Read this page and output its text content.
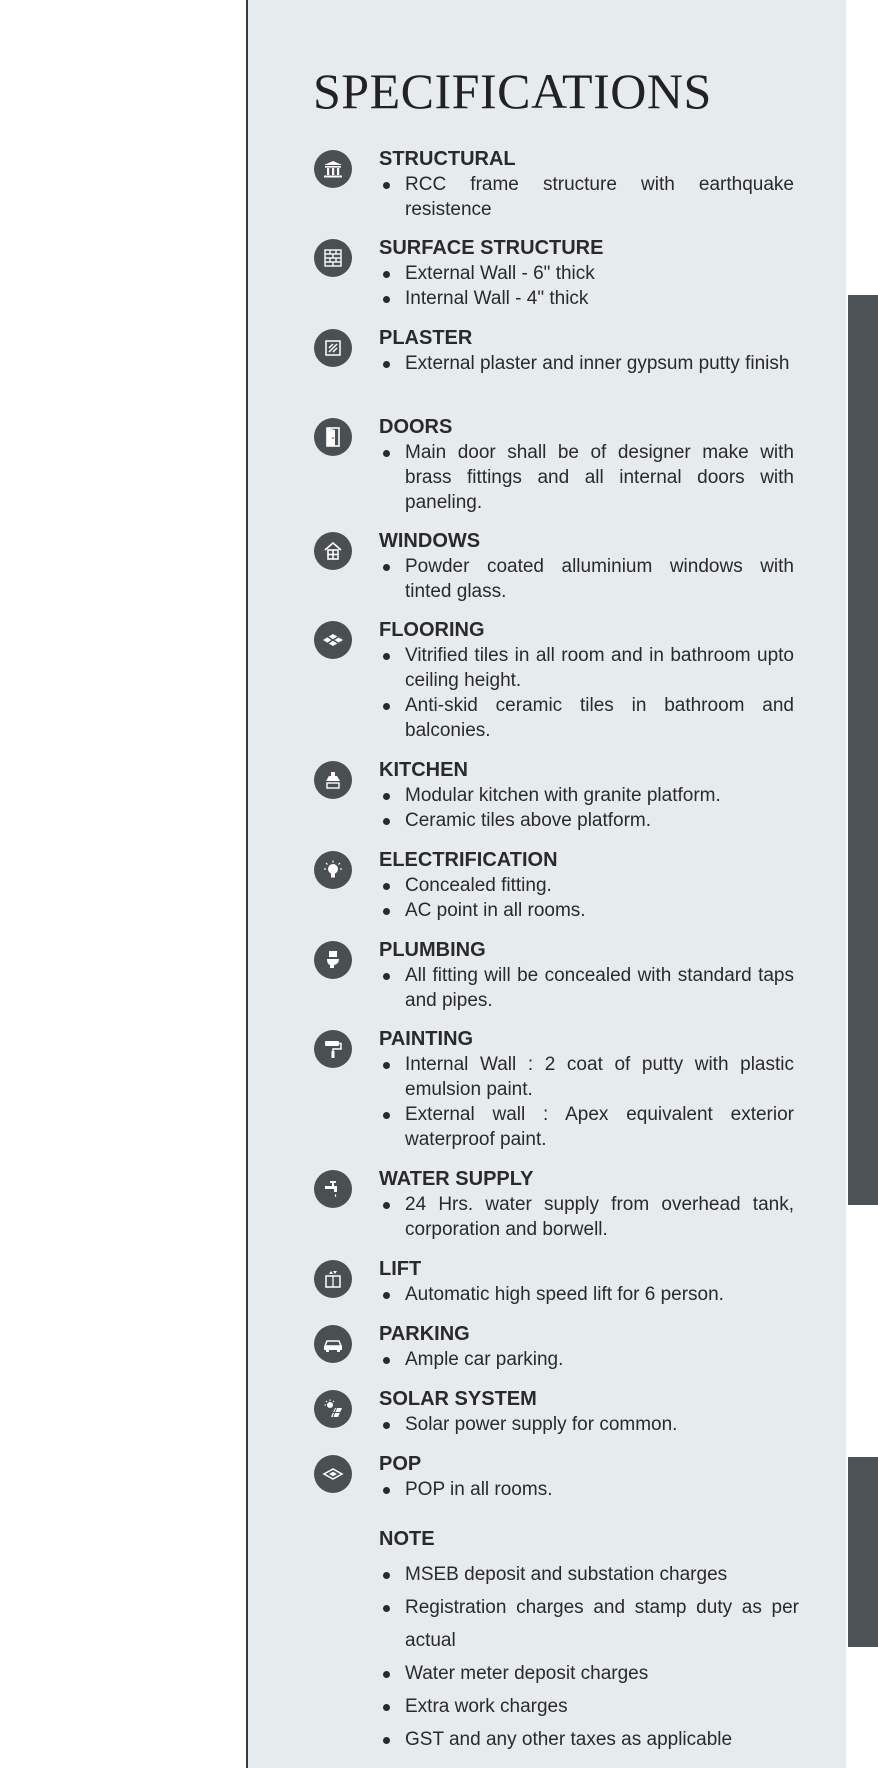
SPECIFICATIONS
STRUCTURAL
RCC frame structure with earthquake resistence
SURFACE STRUCTURE
External Wall - 6" thick
Internal Wall - 4" thick
PLASTER
External plaster and inner gypsum putty finish
DOORS
Main door shall be of designer make with brass fittings and all internal doors with paneling.
WINDOWS
Powder coated alluminium windows with tinted glass.
FLOORING
Vitrified tiles in all room and in bathroom upto ceiling height.
Anti-skid ceramic tiles in bathroom and balconies.
KITCHEN
Modular kitchen with granite platform.
Ceramic tiles above platform.
ELECTRIFICATION
Concealed fitting.
AC point in all rooms.
PLUMBING
All fitting will be concealed with standard taps and pipes.
PAINTING
Internal Wall : 2 coat of putty with plastic emulsion paint.
External wall : Apex equivalent exterior waterproof paint.
WATER SUPPLY
24 Hrs. water supply from overhead tank, corporation and borwell.
LIFT
Automatic high speed lift for 6 person.
PARKING
Ample car parking.
SOLAR SYSTEM
Solar power supply for common.
POP
POP in all rooms.
NOTE
MSEB deposit and substation charges
Registration charges and stamp duty as per actual
Water meter deposit charges
Extra work charges
GST and any other taxes as applicable
